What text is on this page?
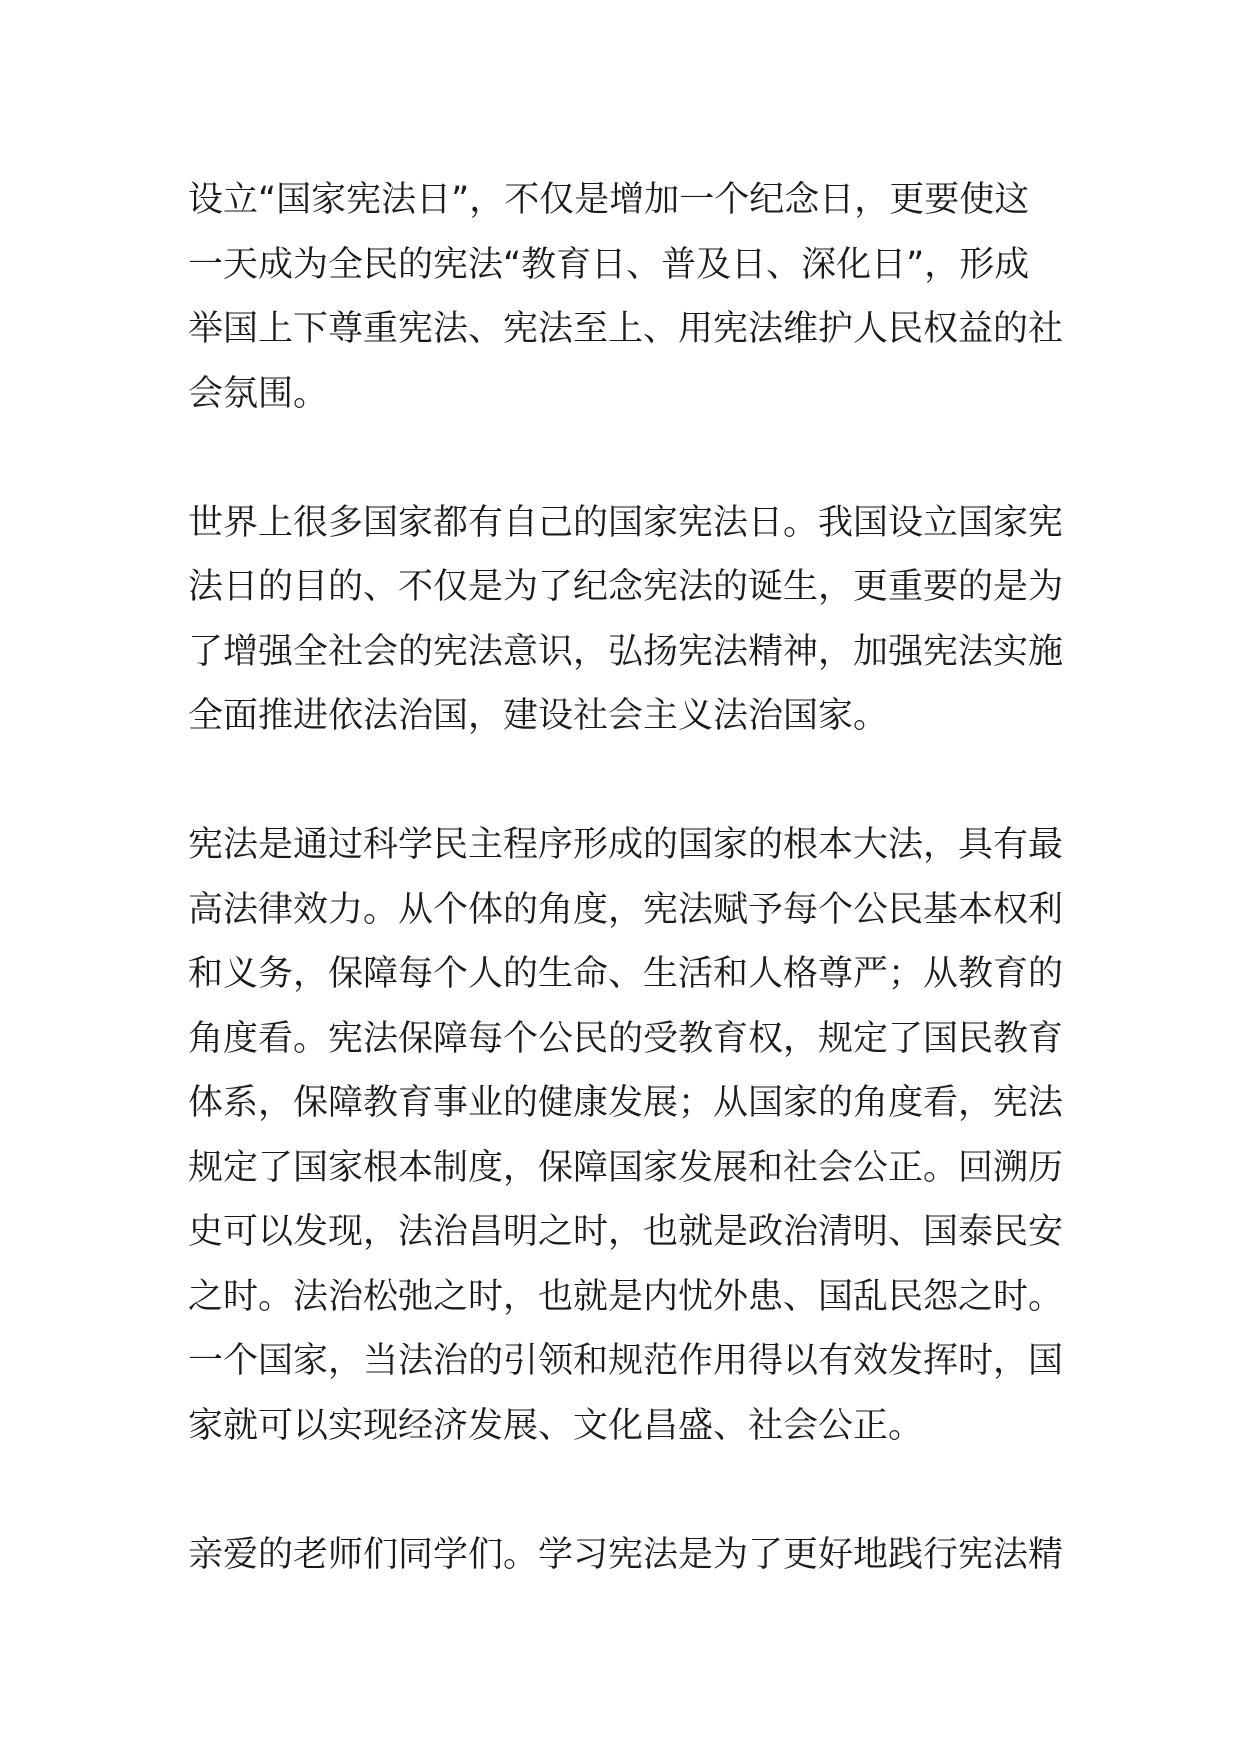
设立“国家宪法日”，不仅是增加一个纪念日，更要使这
一天成为全民的宪法“教育日、普及日、深化日”，形成
举国上下尊重宪法、宪法至上、用宪法维护人民权益的社
会氛围。

世界上很多国家都有自己的国家宪法日。我国设立国家宪
法日的目的、不仅是为了纪念宪法的诞生，更重要的是为
了增强全社会的宪法意识，弘扬宪法精神，加强宪法实施
全面推进依法治国，建设社会主义法治国家。

宪法是通过科学民主程序形成的国家的根本大法，具有最
高法律效力。从个体的角度，宪法赋予每个公民基本权利
和义务，保障每个人的生命、生活和人格尊严；从教育的
角度看。宪法保障每个公民的受教育权，规定了国民教育
体系，保障教育事业的健康发展；从国家的角度看，宪法
规定了国家根本制度，保障国家发展和社会公正。回溯历
史可以发现，法治昌明之时，也就是政治清明、国泰民安
之时。法治松弛之时，也就是内忧外患、国乱民怨之时。
一个国家，当法治的引领和规范作用得以有效发挥时，国
家就可以实现经济发展、文化昌盛、社会公正。

亲爱的老师们同学们。学习宪法是为了更好地践行宪法精
